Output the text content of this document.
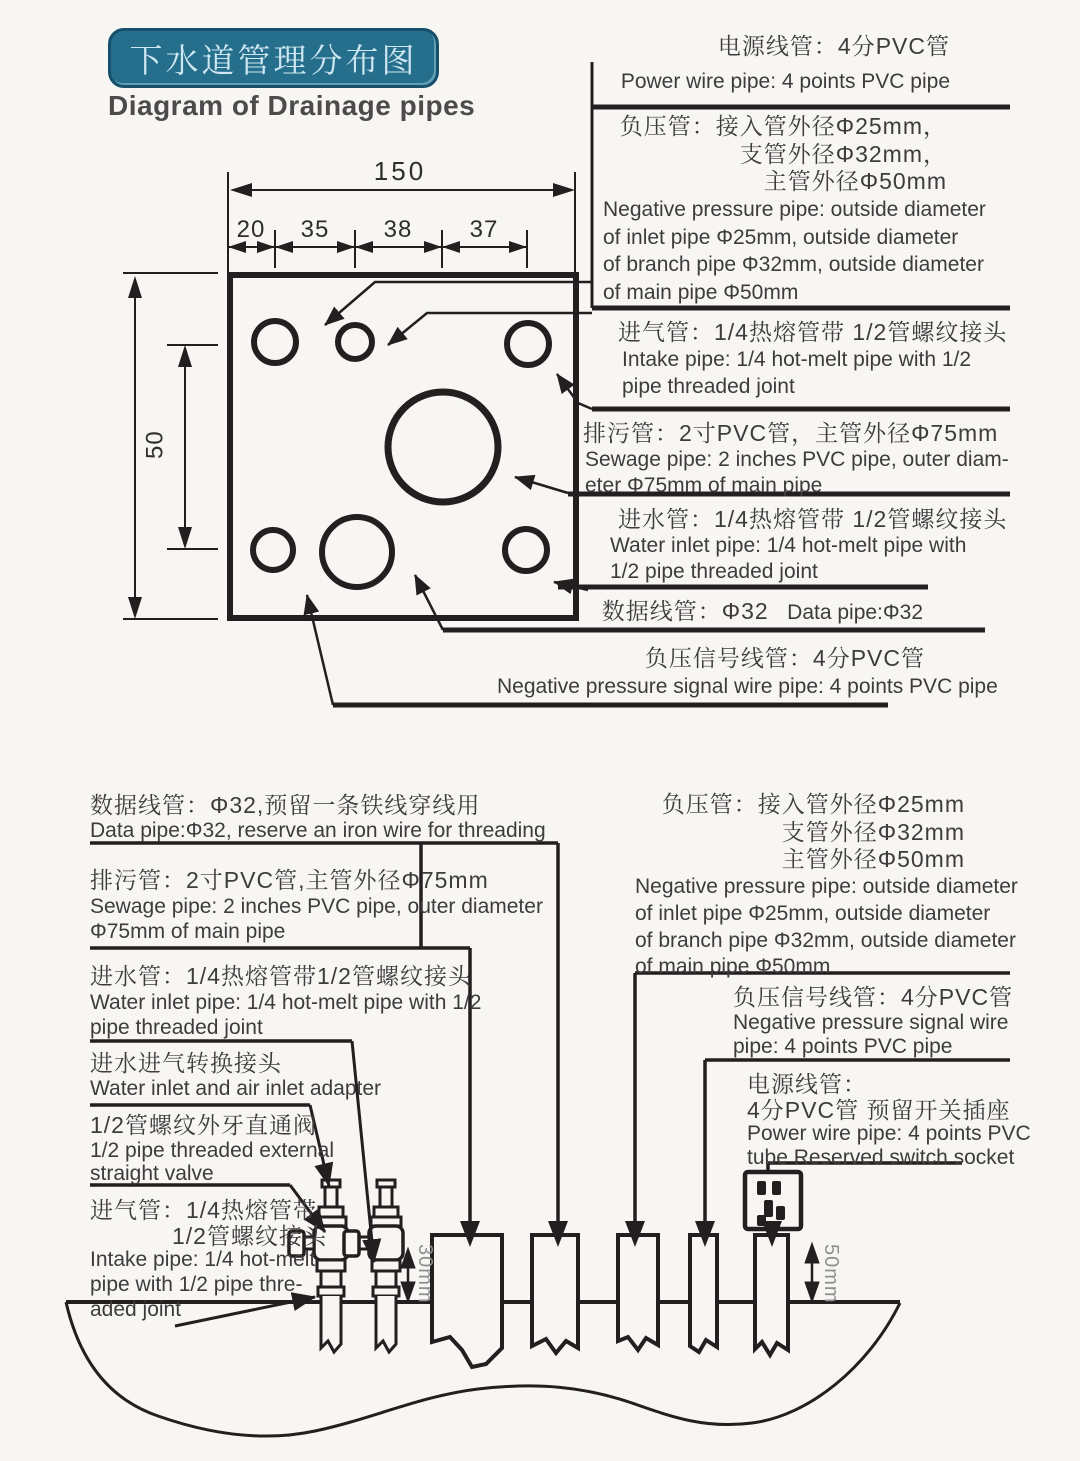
下水道管理分布图
Diagram of Drainage pipes
150
20 35 38 37
50
电源线管：4分PVC管
Power wire pipe: 4 points PVC pipe
负压管：接入管外径Φ25mm，
支管外径Φ32mm，
主管外径Φ50mm
Negative pressure pipe: outside diameter
of inlet pipe Φ25mm, outside diameter
of branch pipe Φ32mm, outside diameter
of main pipe Φ50mm
进气管：1/4热熔管带 1/2管螺纹接头
Intake pipe: 1/4 hot-melt pipe with 1/2
pipe threaded joint
排污管：2寸PVC管，主管外径Φ75mm
Sewage pipe: 2 inches PVC pipe, outer diam-
eter Φ75mm of main pipe
进水管：1/4热熔管带 1/2管螺纹接头
Water inlet pipe: 1/4 hot-melt pipe with
1/2 pipe threaded joint
数据线管：Φ32 Data pipe:Φ32
负压信号线管：4分PVC管
Negative pressure signal wire pipe: 4 points PVC pipe
数据线管：Φ32,预留一条铁线穿线用
Data pipe:Φ32, reserve an iron wire for threading
排污管：2寸PVC管,主管外径Φ75mm
Sewage pipe: 2 inches PVC pipe, outer diameter
Φ75mm of main pipe
进水管：1/4热熔管带1/2管螺纹接头
Water inlet pipe: 1/4 hot-melt pipe with 1/2
pipe threaded joint
进水进气转换接头
Water inlet and air inlet adapter
1/2管螺纹外牙直通阀
1/2 pipe threaded external
straight valve
进气管：1/4热熔管带
1/2管螺纹接头
Intake pipe: 1/4 hot-melt
pipe with 1/2 pipe thre-
aded joint
负压管：接入管外径Φ25mm
支管外径Φ32mm
主管外径Φ50mm
Negative pressure pipe: outside diameter
of inlet pipe Φ25mm, outside diameter
of branch pipe Φ32mm, outside diameter
of main pipe Φ50mm
负压信号线管：4分PVC管
Negative pressure signal wire
pipe: 4 points PVC pipe
电源线管：
4分PVC管 预留开关插座
Power wire pipe: 4 points PVC
tube Reserved switch socket
30mm	50mm
